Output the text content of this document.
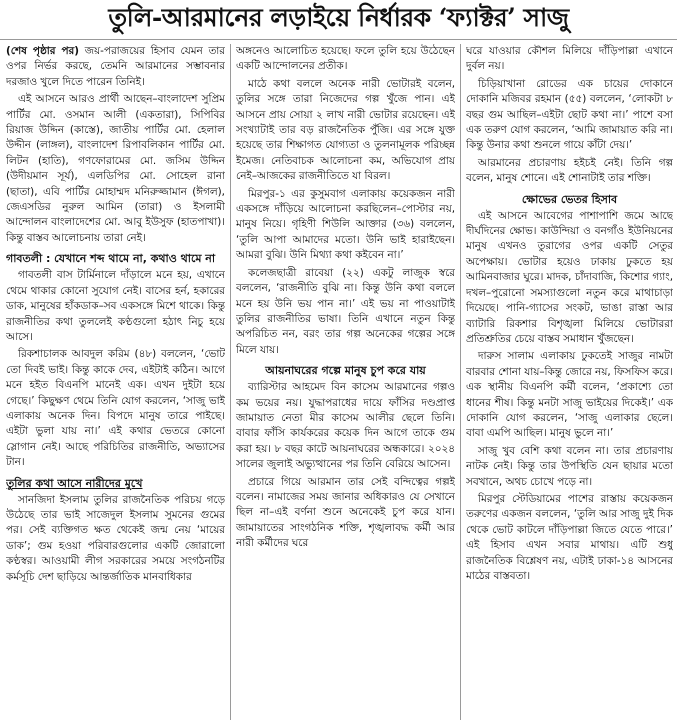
তুলি-আরমানের লড়াইয়ে নির্ধারক ‘ফ্যাক্টর’ সাজু

(শেষ পৃষ্ঠার পর) জয়-পরাজয়ের হিসাব যেমন তার ওপর নির্ভর করছে, তেমনি আরমানের সম্ভাবনার দরজাও খুলে দিতে পারেন তিনিই।

এই আসনে আরও প্রার্থী আছেন–বাংলাদেশ সুপ্রিম পার্টির মো. ওসমান আলী (একতারা), সিপিবির রিয়াজ উদ্দিন (কাস্তে), জাতীয় পার্টির মো. হেলাল উদ্দীন (লাঙ্গল), বাংলাদেশ রিপাবলিকান পার্টির মো. লিটন (হাতি), গণফোরামের মো. জসিম উদ্দিন (উদীয়মান সূর্য), এলডিপির মো. সোহেল রানা (ছাতা), এবি পার্টির মোহাম্মদ মনিরুজ্জামান (ঈগল), জেএসডির নুরুল আমিন (তারা) ও ইসলামী আন্দোলন বাংলাদেশের মো. আবু ইউসুফ (হাতপাখা)। কিন্তু বাস্তব আলোচনায় তারা নেই।

গাবতলী : যেখানে শব্দ থামে না, কথাও থামে না

গাবতলী বাস টার্মিনালে দাঁড়ালে মনে হয়, এখানে থেমে থাকার কোনো সুযোগ নেই। বাসের হর্ন, হকারের ডাক, মানুষের হাঁকডাক–সব একসঙ্গে মিশে থাকে। কিন্তু রাজনীতির কথা তুললেই কণ্ঠগুলো হঠাৎ নিচু হয়ে আসে।

রিকশাচালক আবদুল করিম (৪৮) বললেন, ‘ভোট তো দিবই ভাই। কিন্তু কাকে দেব, এইটাই কঠিন। আগে মনে হইত বিএনপি মানেই এক। এখন দুইটা হয়ে গেছে।’ কিছুক্ষণ থেমে তিনি যোগ করলেন, ‘সাজু ভাই এলাকায় অনেক দিন। বিপদে মানুষ তারে পাইছে। এইটা ভুলা যায় না।’ এই কথার ভেতরে কোনো স্লোগান নেই। আছে পরিচিতির রাজনীতি, অভ্যাসের টান।

তুলির কথা আসে নারীদের মুখে

সানজিদা ইসলাম তুলির রাজনৈতিক পরিচয় গড়ে উঠেছে তার ভাই সাজেদুল ইসলাম সুমনের গুমের পর। সেই ব্যক্তিগত ক্ষত থেকেই জন্ম নেয় ‘মায়ের ডাক’; গুম হওয়া পরিবারগুলোর একটি জোরালো কণ্ঠস্বর। আওয়ামী লীগ সরকারের সময়ে সংগঠনটির কর্মসূচি দেশ ছাড়িয়ে আন্তর্জাতিক মানবাধিকার

অঙ্গনেও আলোচিত হয়েছে। ফলে তুলি হয়ে উঠেছেন একটি আন্দোলনের প্রতীক।

মাঠে কথা বললে অনেক নারী ভোটারই বলেন, তুলির সঙ্গে তারা নিজেদের গল্প খুঁজে পান। এই আসনে প্রায় সোয়া ২ লাখ নারী ভোটার রয়েছেন। এই সংখ্যাটাই তার বড় রাজনৈতিক পুঁজি। এর সঙ্গে যুক্ত হয়েছে তার শিক্ষাগত যোগ্যতা ও তুলনামূলক পরিচ্ছন্ন ইমেজ। নেতিবাচক আলোচনা কম, অভিযোগ প্রায় নেই–আজকের রাজনীতিতে যা বিরল।

মিরপুর-১ এর কুসুমবাগ এলাকায় কয়েকজন নারী একসঙ্গে দাঁড়িয়ে আলোচনা করছিলেন–পোস্টার নয়, মানুষ নিয়ে। গৃহিণী শিউলি আক্তার (৩৬) বললেন, ‘তুলি আপা আমাদের মতো। উনি ভাই হারাইছেন। আমরা বুঝি। উনি মিথ্যা কথা কইবেন না।’

কলেজছাত্রী রাবেয়া (২২) একটু লাজুক স্বরে বললেন, ‘রাজনীতি বুঝি না। কিন্তু উনি কথা বললে মনে হয় উনি ভয় পান না।’ এই ভয় না পাওয়াটাই তুলির রাজনীতির ভাষা। তিনি এখানে নতুন কিন্তু অপরিচিত নন, বরং তার গল্প অনেকের গল্পের সঙ্গে মিলে যায়।

আয়নাঘরের গল্পে মানুষ চুপ করে যায়

ব্যারিস্টার আহমেদ বিন কাসেম আরমানের গল্পও কম ভয়ের নয়। যুদ্ধাপরাধের দায়ে ফাঁসির দণ্ডপ্রাপ্ত জামায়াত নেতা মীর কাসেম আলীর ছেলে তিনি। বাবার ফাঁসি কার্যকরের কয়েক দিন আগে তাকে গুম করা হয়। ৮ বছর কাটে আয়নাঘরের অন্ধকারে। ২০২৪ সালের জুলাই অভ্যুত্থানের পর তিনি বেরিয়ে আসেন।

প্রচারে গিয়ে আরমান তার সেই বন্দিত্বের গল্পই বলেন। নামাজের সময় জানার অধিকারও যে সেখানে ছিল না–এই বর্ণনা শুনে অনেকেই চুপ করে যান। জামায়াতের সাংগঠনিক শক্তি, শৃঙ্খলাবদ্ধ কর্মী আর নারী কর্মীদের ঘরে

ঘরে যাওয়ার কৌশল মিলিয়ে দাঁড়িপাল্লা এখানে দুর্বল নয়।

চিড়িয়াখানা রোডের এক চায়ের দোকানে দোকানি মজিবর রহমান (৫৫) বললেন, ‘লোকটা ৮ বছর গুম আছিল–এইটা ছোট কথা না।’ পাশে বসা এক তরুণ যোগ করলেন, ‘আমি জামায়াত করি না। কিন্তু উনার কথা শুনলে গায়ে কাঁটা দেয়।’

আরমানের প্রচারণায় হইচই নেই। তিনি গল্প বলেন, মানুষ শোনে। এই শোনাটাই তার শক্তি।

ক্ষোভের ভেতর হিসাব

এই আসনে আবেগের পাশাপাশি জমে আছে দীর্ঘদিনের ক্ষোভ। কাউন্দিয়া ও বনগাঁও ইউনিয়নের মানুষ এখনও তুরাগের ওপর একটি সেতুর অপেক্ষায়। ভোটার হয়েও ঢাকায় ঢুকতে হয় আমিনবাজার ঘুরে। মাদক, চাঁদাবাজি, কিশোর গ্যাং, দখল–পুরোনো সমস্যাগুলো নতুন করে মাথাচাড়া দিয়েছে। পানি-গ্যাসের সংকট, ভাঙা রাস্তা আর ব্যাটারি রিকশার বিশৃঙ্খলা মিলিয়ে ভোটাররা প্রতিশ্রুতির চেয়ে বাস্তব সমাধান খুঁজছেন।

দারুস সালাম এলাকায় ঢুকতেই সাজুর নামটা বারবার শোনা যায়–কিন্তু জোরে নয়, ফিসফিস করে। এক স্থানীয় বিএনপি কর্মী বলেন, ‘প্রকাশ্যে তো ধানের শীষ। কিন্তু মনটা সাজু ভাইয়ের দিকেই।’ এক দোকানি যোগ করলেন, ‘সাজু এলাকার ছেলে। বাবা এমপি আছিল। মানুষ ভুলে না।’

সাজু খুব বেশি কথা বলেন না। তার প্রচারণায় নাটক নেই। কিন্তু তার উপস্থিতি যেন ছায়ার মতো সবখানে, অথচ চোখে পড়ে না।

মিরপুর স্টেডিয়ামের পাশের রাস্তায় কয়েকজন তরুণের একজন বললেন, ‘তুলি আর সাজু দুই দিক থেকে ভোট কাটলে দাঁড়িপাল্লা জিতে যেতে পারে।’ এই হিসাব এখন সবার মাথায়। এটি শুধু রাজনৈতিক বিশ্লেষণ নয়, এটাই ঢাকা-১৪ আসনের মাঠের বাস্তবতা।
